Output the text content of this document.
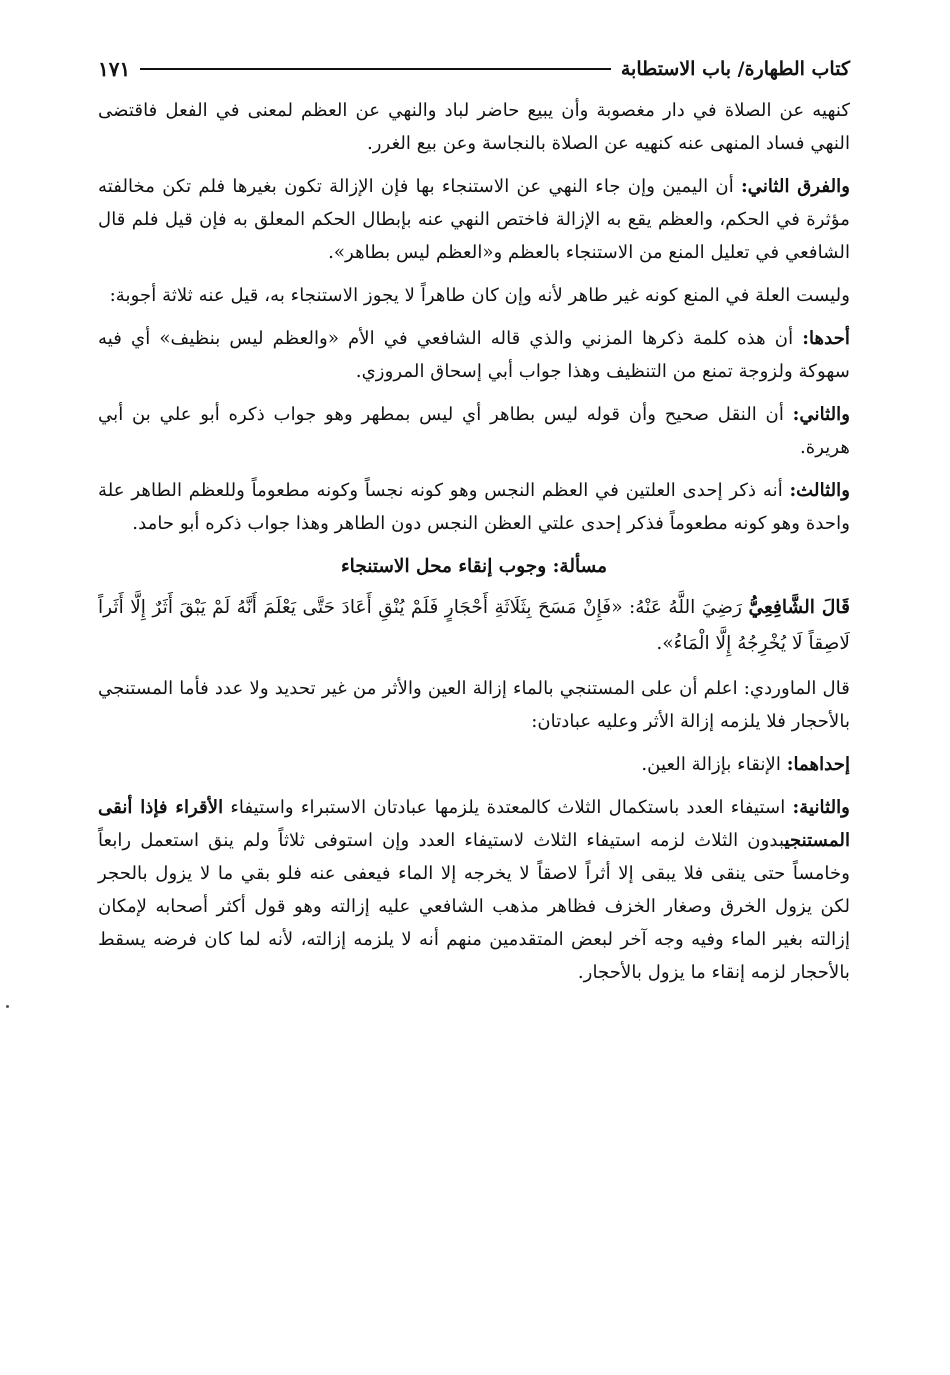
كتاب الطهارة/ باب الاستطابة
١٧١

كنهيه عن الصلاة في دار مغصوبة وأن يبيع حاضر لباد والنهي عن العظم لمعنى في الفعل فاقتضى النهي فساد المنهى عنه كنهيه عن الصلاة بالنجاسة وعن بيع الغرر.

والفرق الثاني: أن اليمين وإن جاء النهي عن الاستنجاء بها فإن الإزالة تكون بغيرها فلم تكن مخالفته مؤثرة في الحكم، والعظم يقع به الإزالة فاختص النهي عنه بإبطال الحكم المعلق به فإن قيل فلم قال الشافعي في تعليل المنع من الاستنجاء بالعظم و«العظم ليس بطاهر».

وليست العلة في المنع كونه غير طاهر لأنه وإن كان طاهراً لا يجوز الاستنجاء به، قيل عنه ثلاثة أجوبة:

أحدها: أن هذه كلمة ذكرها المزني والذي قاله الشافعي في الأم «والعظم ليس بنظيف» أي فيه سهوكة ولزوجة تمنع من التنظيف وهذا جواب أبي إسحاق المروزي.

والثاني: أن النقل صحيح وأن قوله ليس بطاهر أي ليس بمطهر وهو جواب ذكره أبو علي بن أبي هريرة.

والثالث: أنه ذكر إحدى العلتين في العظم النجس وهو كونه نجساً وكونه مطعوماً وللعظم الطاهر علة واحدة وهو كونه مطعوماً فذكر إحدى علتي العظن النجس دون الطاهر وهذا جواب ذكره أبو حامد.

مسألة: وجوب إنقاء محل الاستنجاء

قَالَ الشَّافِعِيُّ رَضِيَ اللَّهُ عَنْهُ: «فَإِنْ مَسَحَ بِثَلَاثَةِ أَحْجَارٍ فَلَمْ يُنْقِ أَعَادَ حَتَّى يَعْلَمَ أَنَّهُ لَمْ يَبْقَ أَثَرٌ إِلَّا أَثَراً لَاصِقاً لَا يُخْرِجُهُ إِلَّا الْمَاءُ».

قال الماوردي: اعلم أن على المستنجي بالماء إزالة العين والأثر من غير تحديد ولا عدد فأما المستنجي بالأحجار فلا يلزمه إزالة الأثر وعليه عبادتان:

إحداهما: الإنقاء بإزالة العين.

والثانية: استيفاء العدد باستكمال الثلاث كالمعتدة يلزمها عبادتان الاستبراء واستيفاء الأقراء فإذا أنقى المستنجيبدون الثلاث لزمه استيفاء الثلاث لاستيفاء العدد وإن استوفى ثلاثاً ولم ينق استعمل رابعاً وخامساً حتى ينقى فلا يبقى إلا أثراً لاصقاً لا يخرجه إلا الماء فيعفى عنه فلو بقي ما لا يزول بالحجر لكن يزول الخرق وصغار الخزف فظاهر مذهب الشافعي عليه إزالته وهو قول أكثر أصحابه لإمكان إزالته بغير الماء وفيه وجه آخر لبعض المتقدمين منهم أنه لا يلزمه إزالته، لأنه لما كان فرضه يسقط بالأحجار لزمه إنقاء ما يزول بالأحجار.
